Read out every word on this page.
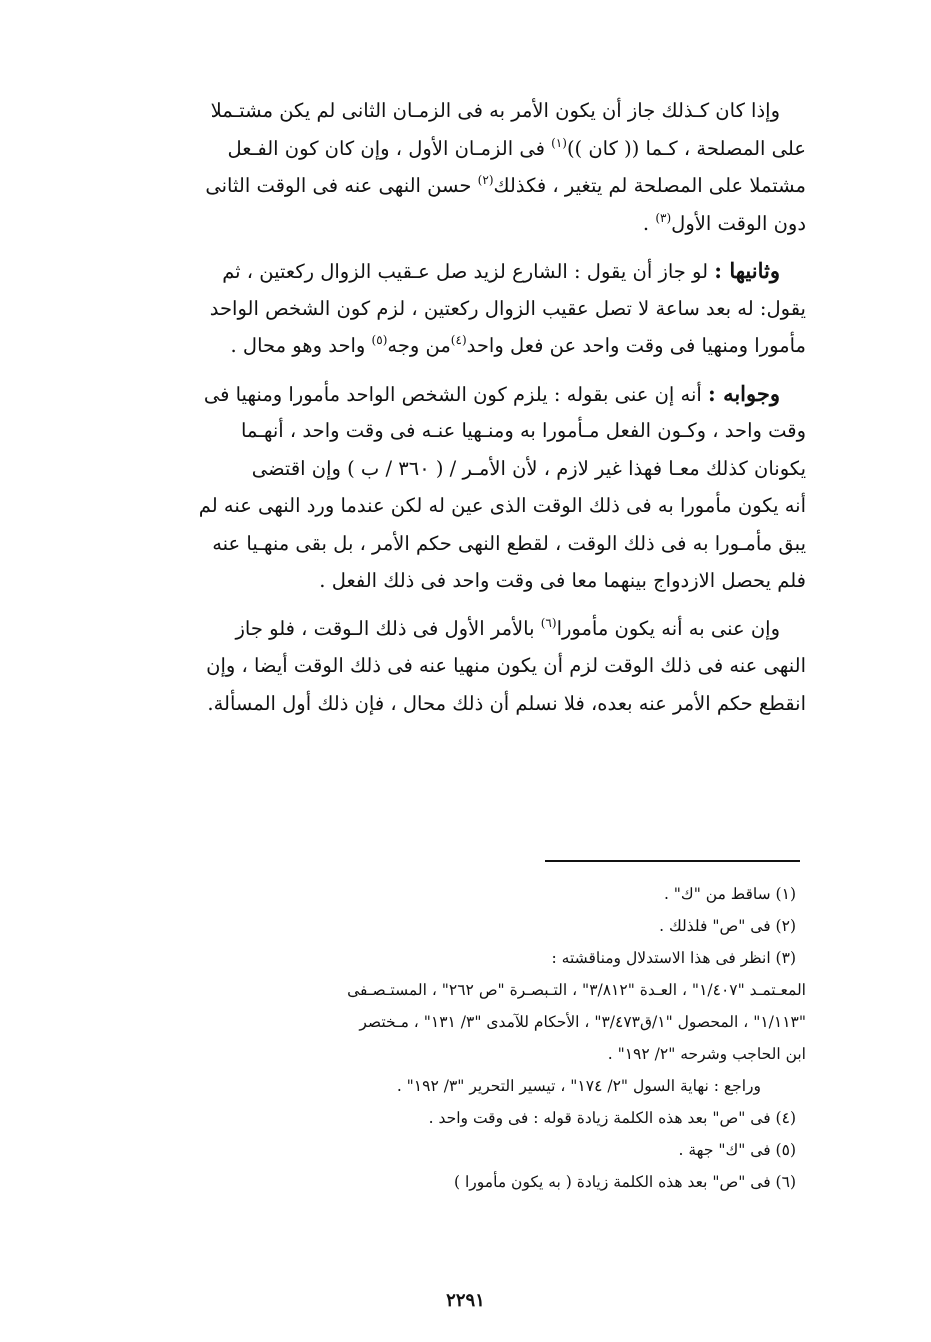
وإذا كان كـذلك جاز أن يكون الأمر به فى الزمـان الثانى لم يكن مشتـملا
على المصلحة ، كـما (( كان ))$^{(١)}$ فى الزمـان الأول ، وإن كان كون الفـعل
مشتملا على المصلحة لم يتغير ، فكذلك$^{(٢)}$ حسن النهى عنه فى الوقت الثانى
دون الوقت الأول$^{(٣)}$ .
وثانيها : لو جاز أن يقول : الشارع لزيد صل عـقيب الزوال ركعتين ، ثم
يقول: له بعد ساعة لا تصل عقيب الزوال ركعتين ، لزم كون الشخص الواحد
مأمورا ومنهيا فى وقت واحد عن فعل واحد$^{(٤)}$من وجه$^{(٥)}$ واحد وهو محال .
وجوابه : أنه إن عنى بقوله : يلزم كون الشخص الواحد مأمورا ومنهيا فى
وقت واحد ، وكـون الفعل مـأمورا به ومنـهيا عنـه فى وقت واحد ، أنهـما
يكونان كذلك معـا فهذا غير لازم ، لأن الأمـر / ( ٣٦٠ / ب ) وإن اقتضى
أنه يكون مأمورا به فى ذلك الوقت الذى عين له لكن عندما ورد النهى عنه لم
يبق مأمـورا به فى ذلك الوقت ، لقطع النهى حكم الأمر ، بل بقى منهـيا عنه
فلم يحصل الازدواج بينهما معا فى وقت واحد فى ذلك الفعل .
وإن عنى به أنه يكون مأمورا$^{(٦)}$ بالأمر الأول فى ذلك الـوقت ، فلو جاز
النهى عنه فى ذلك الوقت لزم أن يكون منهيا عنه فى ذلك الوقت أيضا ، وإن
انقطع حكم الأمر عنه بعده، فلا نسلم أن ذلك محال ، فإن ذلك أول المسألة.
(١) ساقط من "ك" .
(٢) فى "ص" فلذلك .
(٣) انظر فى هذا الاستدلال ومناقشته :
المعـتمـد "١/٤٠٧" ، العـدة "٣/٨١٢" ، التـبصـرة "ص ٢٦٢" ، المستـصـفى
"١/١١٣" ، المحصول "١/ق٣/٤٧٣" ، الأحكام للآمدى "٣/ ١٣١" ، مـختصر
ابن الحاجب وشرحه "٢/ ١٩٢" .
وراجع : نهاية السول "٢/ ١٧٤" ، تيسير التحرير "٣/ ١٩٢" .
(٤) فى "ص" بعد هذه الكلمة زيادة قوله : فى وقت واحد .
(٥) فى "ك" جهة .
(٦) فى "ص" بعد هذه الكلمة زيادة ( به يكون مأمورا )
٢٢٩١
